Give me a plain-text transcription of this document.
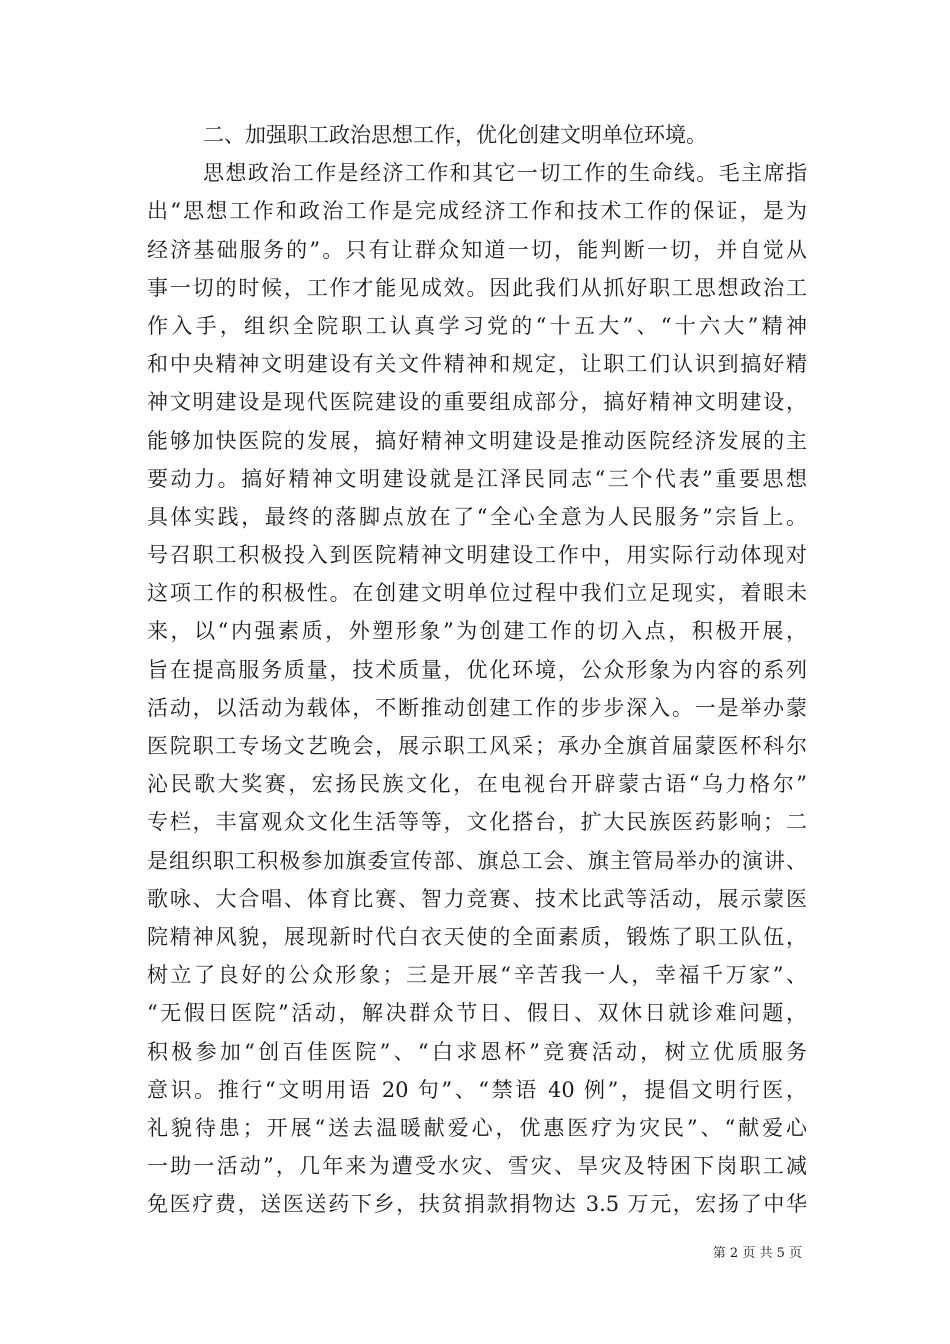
二、加强职工政治思想工作，优化创建文明单位环境。
思想政治工作是经济工作和其它一切工作的生命线。毛主席指
出“思想工作和政治工作是完成经济工作和技术工作的保证，是为
经济基础服务的”。只有让群众知道一切，能判断一切，并自觉从
事一切的时候，工作才能见成效。因此我们从抓好职工思想政治工
作入手，组织全院职工认真学习党的“十五大”、“十六大”精神
和中央精神文明建设有关文件精神和规定，让职工们认识到搞好精
神文明建设是现代医院建设的重要组成部分，搞好精神文明建设，
能够加快医院的发展，搞好精神文明建设是推动医院经济发展的主
要动力。搞好精神文明建设就是江泽民同志“三个代表”重要思想
具体实践，最终的落脚点放在了“全心全意为人民服务”宗旨上。
号召职工积极投入到医院精神文明建设工作中，用实际行动体现对
这项工作的积极性。在创建文明单位过程中我们立足现实，着眼未
来，以“内强素质，外塑形象”为创建工作的切入点，积极开展，
旨在提高服务质量，技术质量，优化环境，公众形象为内容的系列
活动，以活动为载体，不断推动创建工作的步步深入。一是举办蒙
医院职工专场文艺晚会，展示职工风采；承办全旗首届蒙医杯科尔
沁民歌大奖赛，宏扬民族文化，在电视台开辟蒙古语“乌力格尔”
专栏，丰富观众文化生活等等，文化搭台，扩大民族医药影响；二
是组织职工积极参加旗委宣传部、旗总工会、旗主管局举办的演讲、
歌咏、大合唱、体育比赛、智力竞赛、技术比武等活动，展示蒙医
院精神风貌，展现新时代白衣天使的全面素质，锻炼了职工队伍，
树立了良好的公众形象；三是开展“辛苦我一人，幸福千万家”、
“无假日医院”活动，解决群众节日、假日、双休日就诊难问题，
积极参加“创百佳医院”、“白求恩杯”竞赛活动，树立优质服务
意识。推行“文明用语 20 句”、“禁语 40 例”，提倡文明行医，
礼貌待患；开展“送去温暖献爱心，优惠医疗为灾民”、“献爱心
一助一活动”，几年来为遭受水灾、雪灾、旱灾及特困下岗职工减
免医疗费，送医送药下乡，扶贫捐款捐物达 3.5 万元，宏扬了中华
第 2 页 共 5 页
